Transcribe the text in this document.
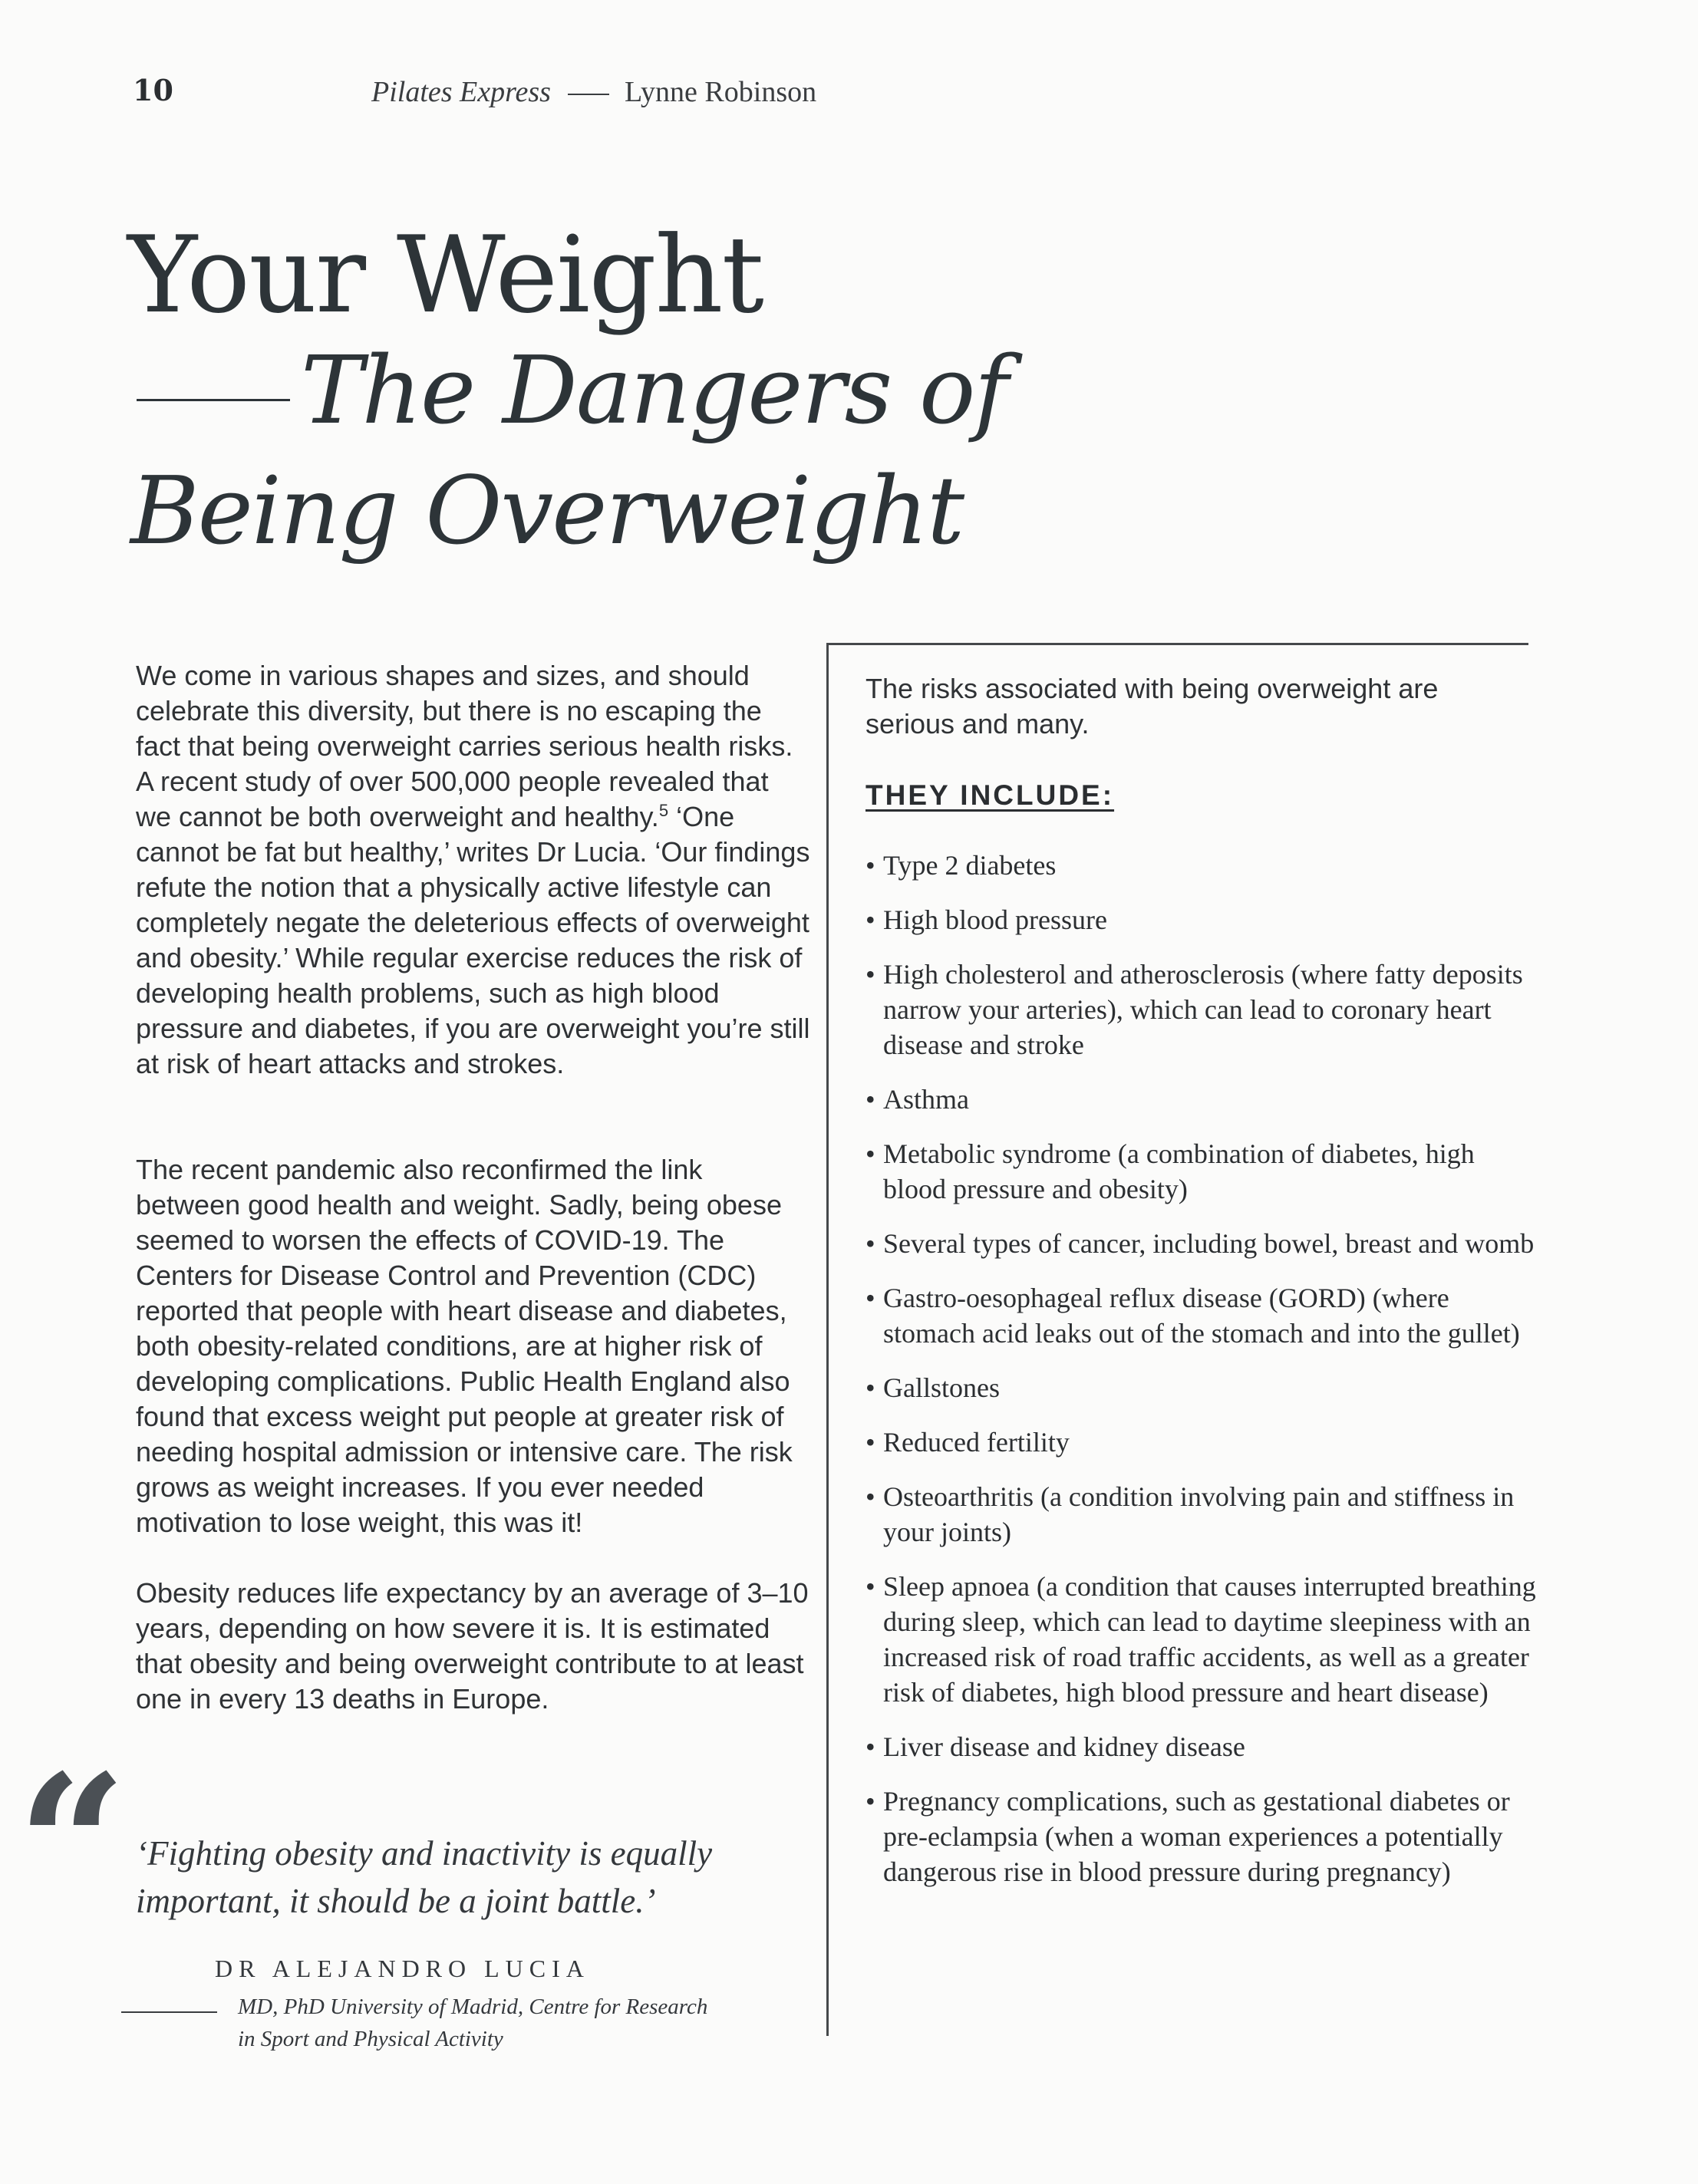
10	Pilates Express	Lynne Robinson
Your Weight
The Dangers of
Being Overweight

We come in various shapes and sizes, and should celebrate this diversity, but there is no escaping the fact that being overweight carries serious health risks. A recent study of over 500,000 people revealed that we cannot be both overweight and healthy.$^5$ ‘One cannot be fat but healthy,’ writes Dr Lucia. ‘Our findings refute the notion that a physically active lifestyle can completely negate the deleterious effects of overweight and obesity.’ While regular exercise reduces the risk of developing health problems, such as high blood pressure and diabetes, if you are overweight you’re still at risk of heart attacks and strokes.

The recent pandemic also reconfirmed the link between good health and weight. Sadly, being obese seemed to worsen the effects of COVID-19. The Centers for Disease Control and Prevention (CDC) reported that people with heart disease and diabetes, both obesity-related conditions, are at higher risk of developing complications. Public Health England also found that excess weight put people at greater risk of needing hospital admission or intensive care. The risk grows as weight increases. If you ever needed motivation to lose weight, this was it!

Obesity reduces life expectancy by an average of 3–10 years, depending on how severe it is. It is estimated that obesity and being overweight contribute to at least one in every 13 deaths in Europe.

“ ‘Fighting obesity and inactivity is equally important, it should be a joint battle.’
DR ALEJANDRO LUCIA
MD, PhD University of Madrid, Centre for Research in Sport and Physical Activity
The risks associated with being overweight are serious and many.
THEY INCLUDE:
• Type 2 diabetes
• High blood pressure
• High cholesterol and atherosclerosis (where fatty deposits narrow your arteries), which can lead to coronary heart disease and stroke
• Asthma
• Metabolic syndrome (a combination of diabetes, high blood pressure and obesity)
• Several types of cancer, including bowel, breast and womb
• Gastro-oesophageal reflux disease (GORD) (where stomach acid leaks out of the stomach and into the gullet)
• Gallstones
• Reduced fertility
• Osteoarthritis (a condition involving pain and stiffness in your joints)
• Sleep apnoea (a condition that causes interrupted breathing during sleep, which can lead to daytime sleepiness with an increased risk of road traffic accidents, as well as a greater risk of diabetes, high blood pressure and heart disease)
• Liver disease and kidney disease
• Pregnancy complications, such as gestational diabetes or pre-eclampsia (when a woman experiences a potentially dangerous rise in blood pressure during pregnancy)
